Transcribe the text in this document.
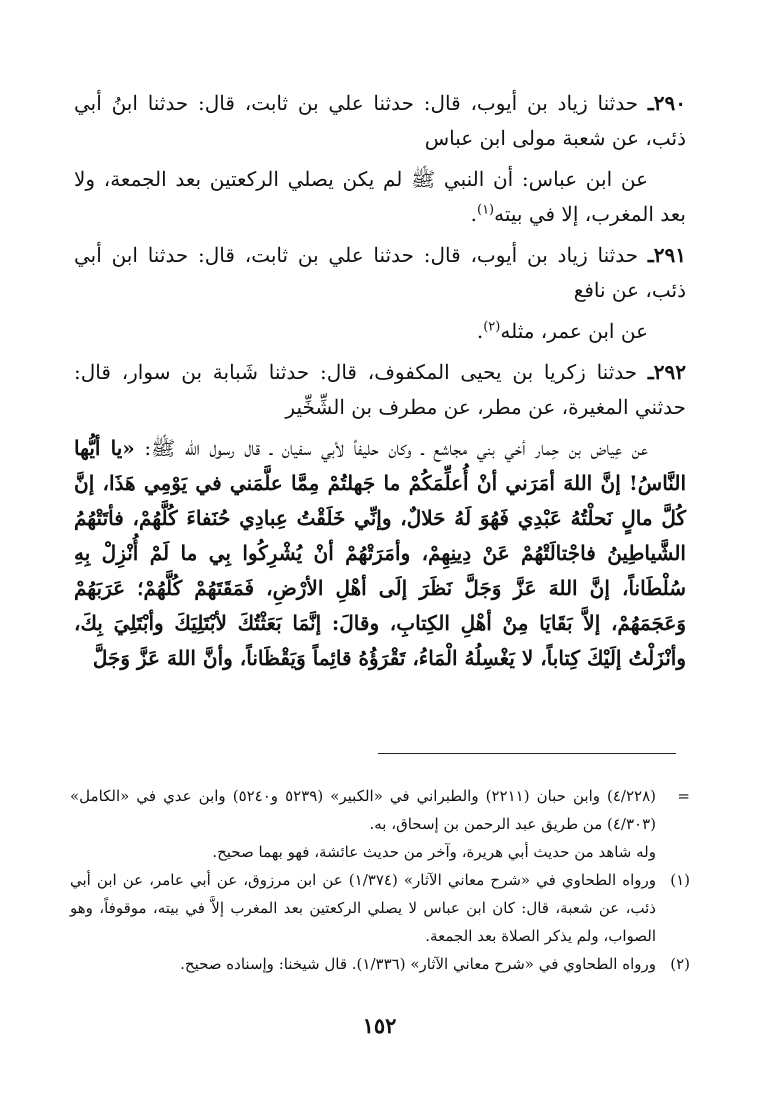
٢٩٠ـ حدثنا زياد بن أيوب، قال: حدثنا علي بن ثابت، قال: حدثنا ابنُ أبي ذئب، عن شعبة مولى ابن عباس

عن ابن عباس: أن النبي ﷺ لم يكن يصلي الركعتين بعد الجمعة، ولا بعد المغرب، إلا في بيته$^{(١)}$.

٢٩١ـ حدثنا زياد بن أيوب، قال: حدثنا علي بن ثابت، قال: حدثنا ابن أبي ذئب، عن نافع

عن ابن عمر، مثله$^{(٢)}$.

٢٩٢ـ حدثنا زكريا بن يحيى المكفوف، قال: حدثنا شَبابة بن سوار، قال: حدثني المغيرة، عن مطر، عن مطرف بن الشِّخِّير

عن عِياض بن حِمار أخي بني مجاشع ـ وكان حليفاً لأبي سفيان ـ قال رسول الله ﷺ: «يا أيُّها النَّاسُ! إنَّ اللهَ أمَرَني أنْ أُعلِّمَكُمْ ما جَهلتُمْ مِمَّا علَّمَني في يَوْمِي هَذَا، إنَّ كُلَّ مالٍ نَحلْتُهُ عَبْدِي فَهُوَ لَهُ حَلالٌ، وإنِّي خَلَقْتُ عِبادِي حُنَفاءَ كُلَّهُمْ، فأتَتْهُمُ الشَّياطِينُ فاجْتالَتْهُمْ عَنْ دِينِهِمْ، وأمَرَتْهُمْ أنْ يُشْرِكُوا بِي ما لَمْ أُنْزِلْ بِهِ سُلْطَاناً، إنَّ اللهَ عَزَّ وَجَلَّ نَظَرَ إلَى أهْلِ الأرْضِ، فَمَقَتَهُمْ كُلَّهُمْ؛ عَرَبَهُمْ وَعَجَمَهُمْ، إلاَّ بَقَايَا مِنْ أهْلِ الكِتابِ، وقالَ: إنَّمَا بَعَثْتُكَ لأبْتَلِيَكَ وأبْتَلِيَ بِكَ، وأنْزَلْتُ إلَيْكَ كِتاباً، لا يَغْسِلُهُ الْمَاءُ، تَقْرَؤُهُ قائِماً وَيَقْظَاناً، وأنَّ اللهَ عَزَّ وَجَلَّ

=
(٤/٢٢٨) وابن حبان (٢٢١١) والطبراني في «الكبير» (٥٢٣٩ و٥٢٤٠) وابن عدي في «الكامل» (٤/٣٠٣) من طريق عبد الرحمن بن إسحاق، به.
وله شاهد من حديث أبي هريرة، وآخر من حديث عائشة، فهو بهما صحيح.
(١)
ورواه الطحاوي في «شرح معاني الآثار» (١/٣٧٤) عن ابن مرزوق، عن أبي عامر، عن ابن أبي ذئب، عن شعبة، قال: كان ابن عباس لا يصلي الركعتين بعد المغرب إلاَّ في بيته، موقوفاً، وهو الصواب، ولم يذكر الصلاة بعد الجمعة.
(٢)
ورواه الطحاوي في «شرح معاني الآثار» (١/٣٣٦). قال شيخنا: وإسناده صحيح.
١٥٢
